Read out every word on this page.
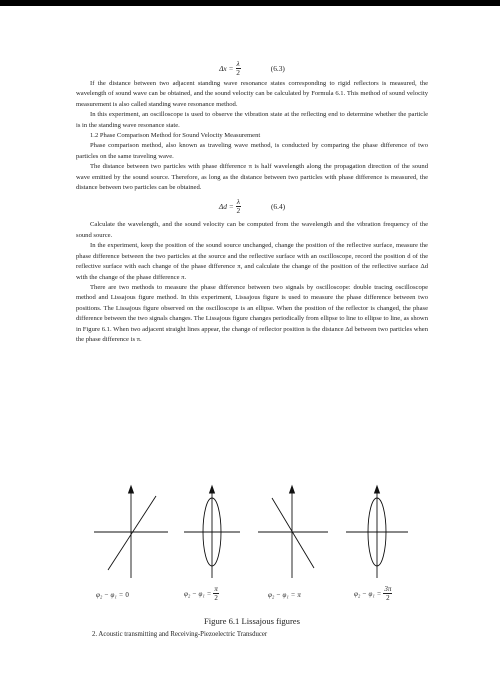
$\Delta x = \frac{\lambda}{2}$	(6.3)

If the distance between two adjacent standing wave resonance states corresponding to rigid reflectors is measured, the wavelength of sound wave can be obtained, and the sound velocity can be calculated by Formula 6.1. This method of sound velocity measurement is also called standing wave resonance method.

In this experiment, an oscilloscope is used to observe the vibration state at the reflecting end to determine whether the particle is in the standing wave resonance state.

1.2 Phase Comparison Method for Sound Velocity Measurement

Phase comparison method, also known as traveling wave method, is conducted by comparing the phase difference of two particles on the same traveling wave.

The distance between two particles with phase difference π is half wavelength along the propagation direction of the sound wave emitted by the sound source. Therefore, as long as the distance between two particles with phase difference is measured, the distance between two particles can be obtained.

$\Delta d = \frac{\lambda}{2}$	(6.4)

Calculate the wavelength, and the sound velocity can be computed from the wavelength and the vibration frequency of the sound source.

In the experiment, keep the position of the sound source unchanged, change the position of the reflective surface, measure the phase difference between the two particles at the source and the reflective surface with an oscilloscope, record the position d of the reflective surface with each change of the phase difference π, and calculate the change of the position of the reflective surface Δd with the change of the phase difference π.

There are two methods to measure the phase difference between two signals by oscilloscope: double tracing oscilloscope method and Lissajous figure method. In this experiment, Lissajous figure is used to measure the phase difference between two positions. The Lissajous figure observed on the oscilloscope is an ellipse. When the position of the reflector is changed, the phase difference between the two signals changes. The Lissajous figure changes periodically from ellipse to line to ellipse to line, as shown in Figure 6.1. When two adjacent straight lines appear, the change of reflector position is the distance Δd between two particles when the phase difference is π.

φ₂ − φ₁ = 0	$\varphi_2 - \varphi_1 = \frac{\pi}{2}$	φ₂ − φ₁ = π	$\varphi_2 - \varphi_1 = \frac{3\pi}{2}$
Figure 6.1 Lissajous figures
2. Acoustic transmitting and Receiving-Piezoelectric Transducer
